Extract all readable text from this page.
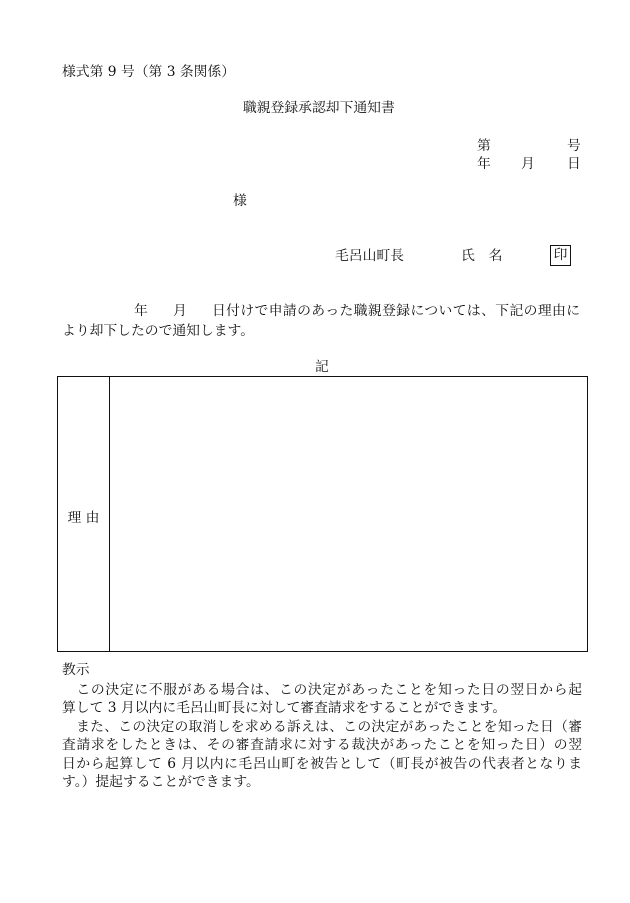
様式第 9 号（第 3 条関係）
職親登録承認却下通知書
第	号
年 月 日
様
毛呂山町長	氏　名	印
年 月 日付けで申請のあった職親登録については、下記の理由に
より却下したので通知します。
記
理 由
教示
　この決定に不服がある場合は、この決定があったことを知った日の翌日から起
算して 3 月以内に毛呂山町長に対して審査請求をすることができます。
　また、この決定の取消しを求める訴えは、この決定があったことを知った日（審
査請求をしたときは、その審査請求に対する裁決があったことを知った日）の翌
日から起算して 6 月以内に毛呂山町を被告として（町長が被告の代表者となりま
す。）提起することができます。
